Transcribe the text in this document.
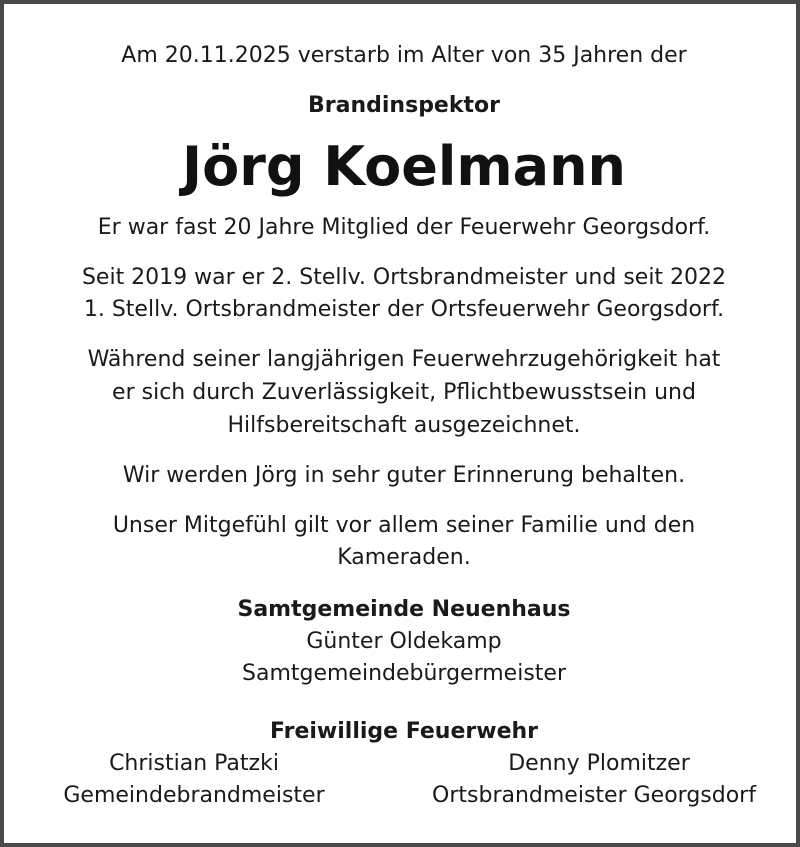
Am 20.11.2025 verstarb im Alter von 35 Jahren der
Brandinspektor
Jörg Koelmann
Er war fast 20 Jahre Mitglied der Feuerwehr Georgsdorf.
Seit 2019 war er 2. Stellv. Ortsbrandmeister und seit 2022
1. Stellv. Ortsbrandmeister der Ortsfeuerwehr Georgsdorf.
Während seiner langjährigen Feuerwehrzugehörigkeit hat
er sich durch Zuverlässigkeit, Pflichtbewusstsein und
Hilfsbereitschaft ausgezeichnet.
Wir werden Jörg in sehr guter Erinnerung behalten.
Unser Mitgefühl gilt vor allem seiner Familie und den
Kameraden.
Samtgemeinde Neuenhaus
Günter Oldekamp
Samtgemeindebürgermeister
Freiwillige Feuerwehr
Christian Patzki
Gemeindebrandmeister
Denny Plomitzer
Ortsbrandmeister Georgsdorf
